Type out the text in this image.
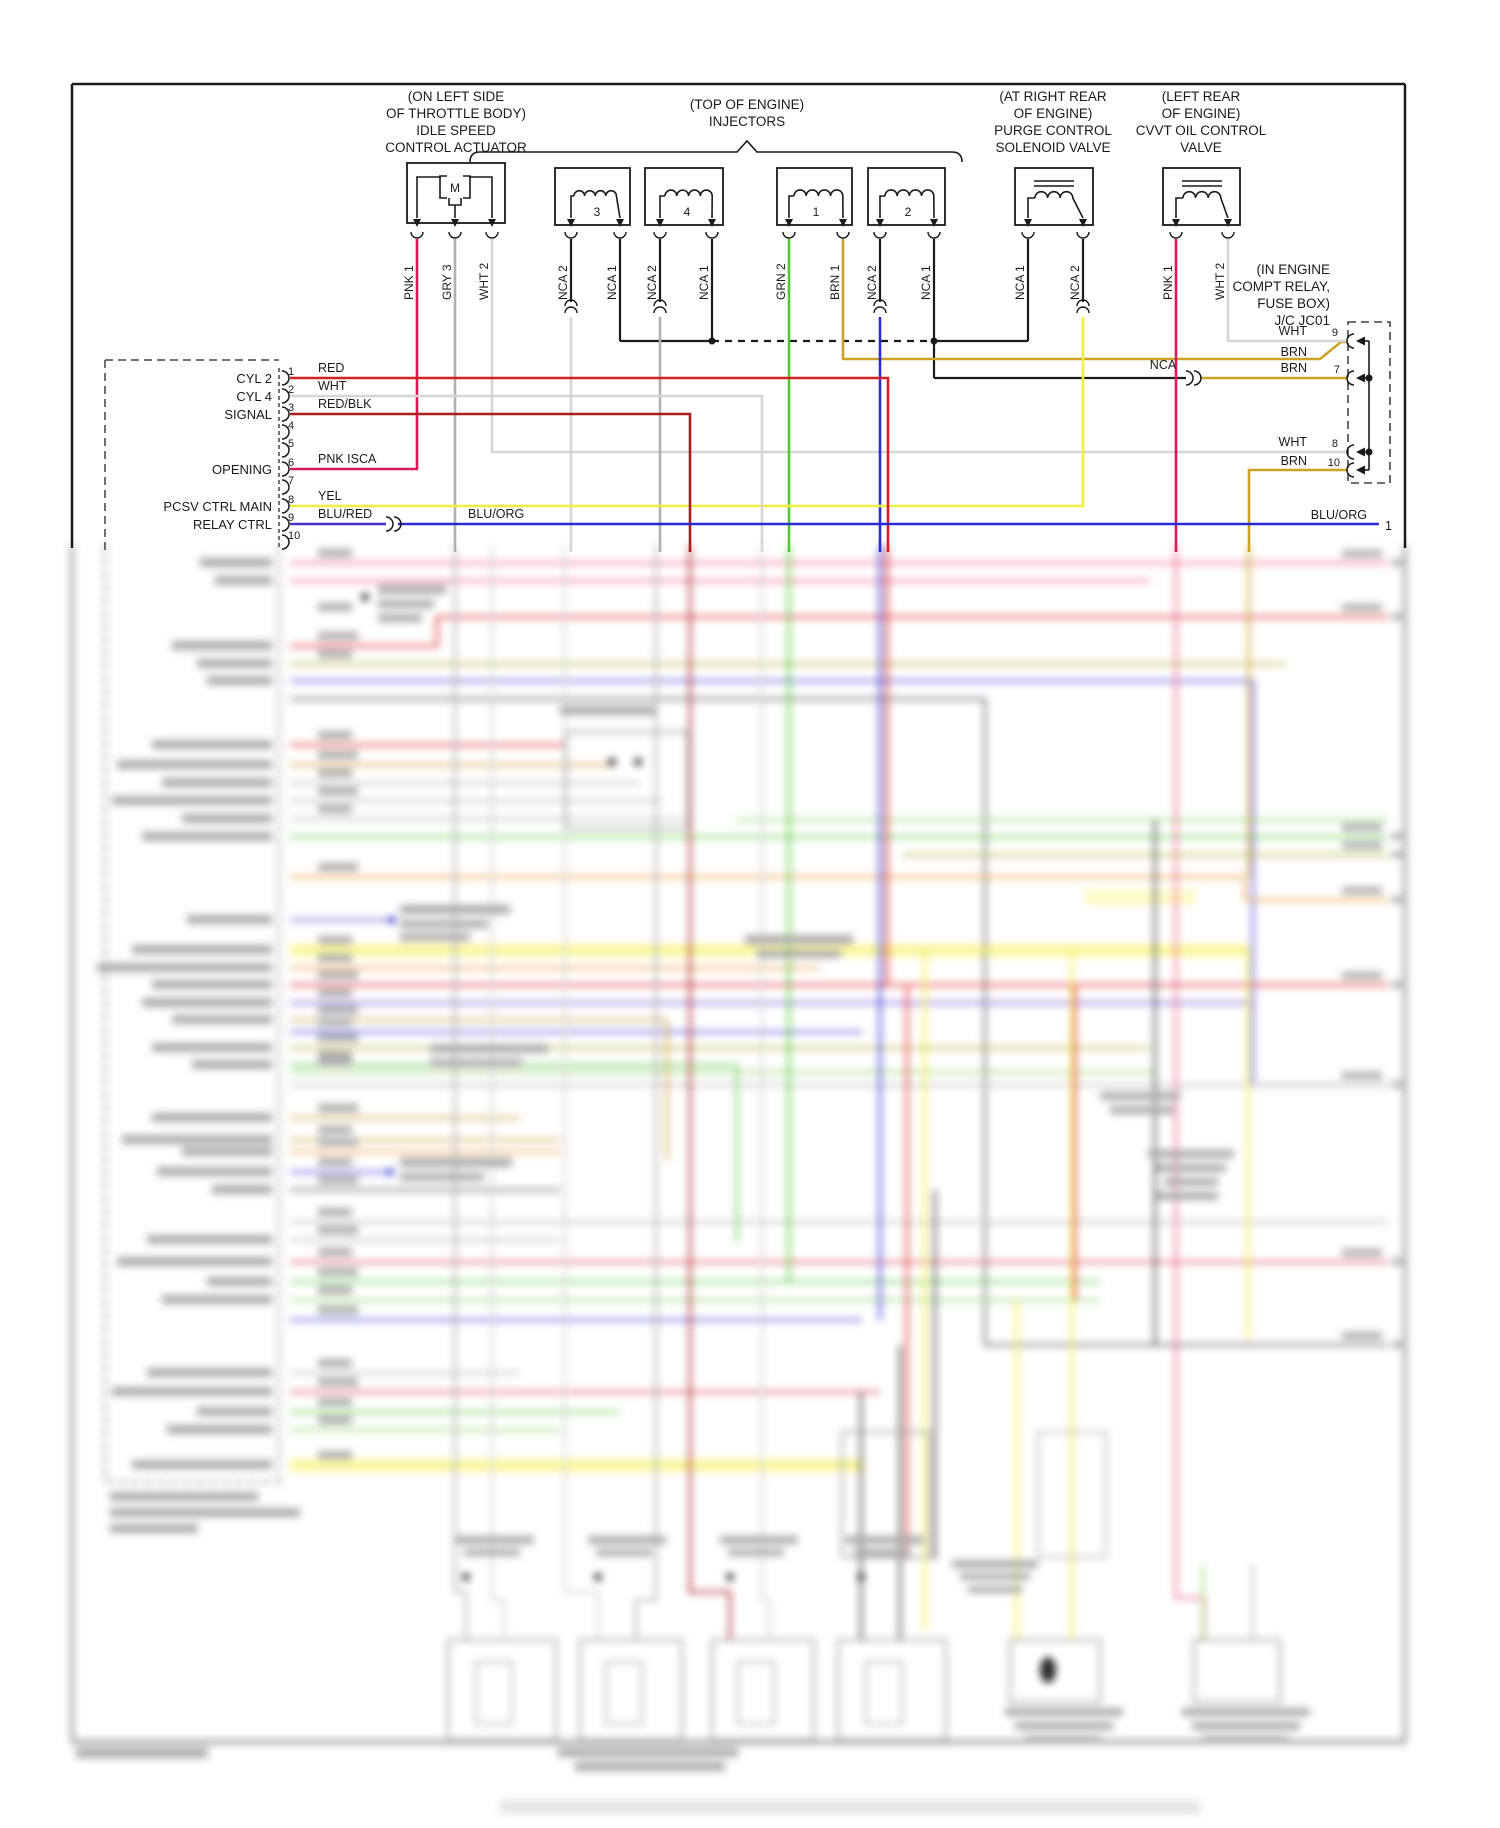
(ON LEFT SIDE
OF THROTTLE BODY)
IDLE SPEED
CONTROL ACTUATOR
(TOP OF ENGINE)
INJECTORS
(AT RIGHT REAR
OF ENGINE)
PURGE CONTROL
SOLENOID VALVE
(LEFT REAR
OF ENGINE)
CVVT OIL CONTROL
VALVE
(IN ENGINE
COMPT RELAY,
FUSE BOX)
J/C JC01
M
3	4	1	2
PNK 1 GRY 3 WHT 2	NCA 2	NCA 1 NCA 2	NCA 1	GRN 2	BRN 1 NCA 2	NCA 1	NCA 1	NCA 2	PNK 1	WHT 2
1
2
3
4
5
6
7
8
9
10
CYL 2
CYL 4
SIGNAL
OPENING
PCSV CTRL MAIN
RELAY CTRL
RED
WHT
RED/BLK
PNK ISCA
YEL
BLU/RED
WHT
BRN
BRN
WHT
BRN
9
7
8
10
NCA
BLU/ORG	BLU/ORG
1
